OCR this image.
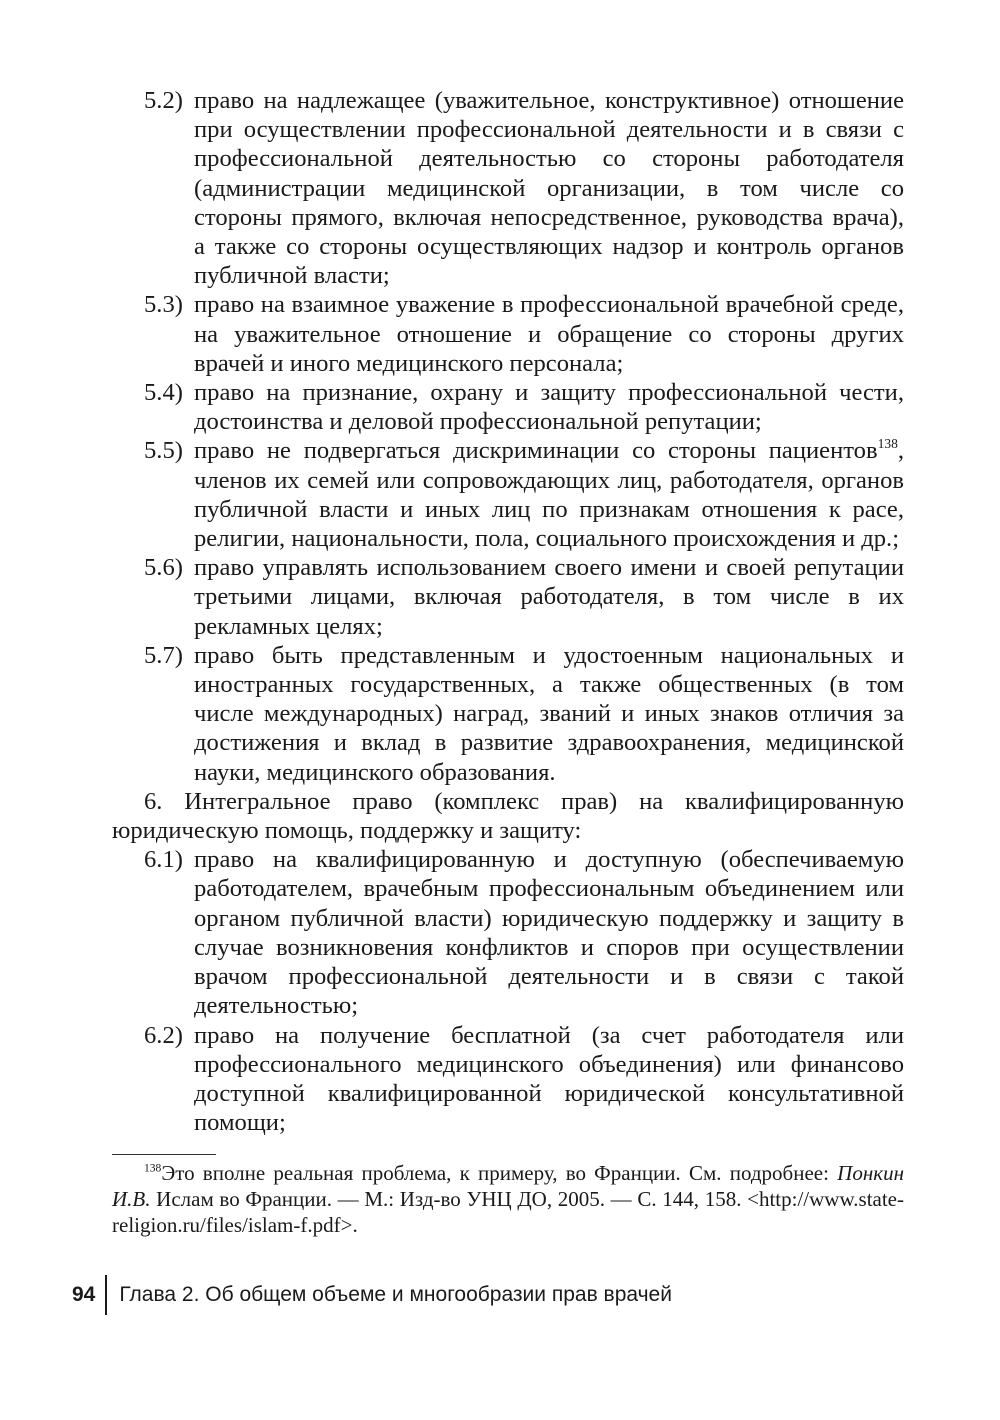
5.2) право на надлежащее (уважительное, конструктивное) отношение при осуществлении профессиональной деятельности и в связи с профессиональной деятельностью со стороны работодателя (администрации медицинской организации, в том числе со стороны прямого, включая непосредственное, руководства врача), а также со стороны осуществляющих надзор и контроль органов публичной власти;
5.3) право на взаимное уважение в профессиональной врачебной среде, на уважительное отношение и обращение со стороны других врачей и иного медицинского персонала;
5.4) право на признание, охрану и защиту профессиональной чести, достоинства и деловой профессиональной репутации;
5.5) право не подвергаться дискриминации со стороны пациентов$^{138}$, членов их семей или сопровождающих лиц, работодателя, органов публичной власти и иных лиц по признакам отношения к расе, религии, национальности, пола, социального происхождения и др.;
5.6) право управлять использованием своего имени и своей репутации третьими лицами, включая работодателя, в том числе в их рекламных целях;
5.7) право быть представленным и удостоенным национальных и иностранных государственных, а также общественных (в том числе международных) наград, званий и иных знаков отличия за достижения и вклад в развитие здравоохранения, медицинской науки, медицинского образования.
6. Интегральное право (комплекс прав) на квалифицированную юридическую помощь, поддержку и защиту:
6.1) право на квалифицированную и доступную (обеспечиваемую работодателем, врачебным профессиональным объединением или органом публичной власти) юридическую поддержку и защиту в случае возникновения конфликтов и споров при осуществлении врачом профессиональной деятельности и в связи с такой деятельностью;
6.2) право на получение бесплатной (за счет работодателя или профессионального медицинского объединения) или финансово доступной квалифицированной юридической консультативной помощи;
$^{138}$Это вполне реальная проблема, к примеру, во Франции. См. подробнее: Понкин И.В. Ислам во Франции. — М.: Изд-во УНЦ ДО, 2005. — С. 144, 158. <http://www.state-religion.ru/files/islam-f.pdf>.
94 Глава 2. Об общем объеме и многообразии прав врачей
